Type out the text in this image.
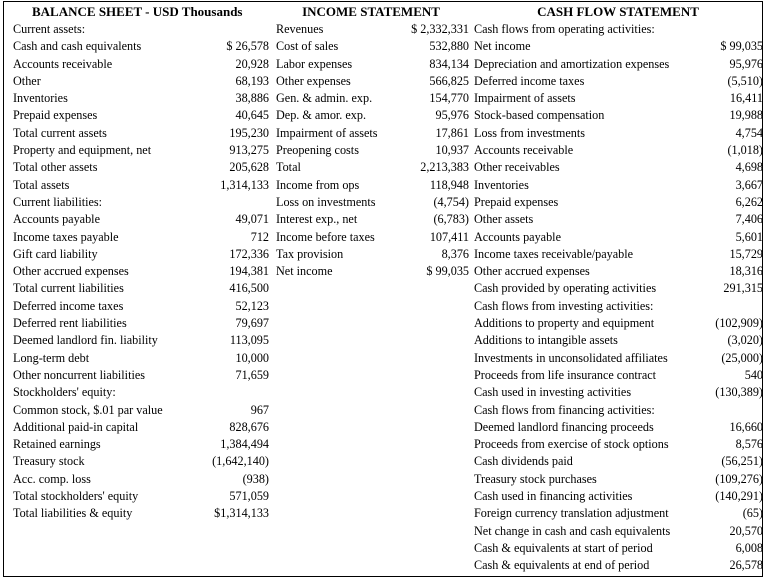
BALANCE SHEET - USD Thousands
Current assets:
Cash and cash equivalents	$ 26,578
Accounts receivable	20,928
Other	68,193
Inventories	38,886
Prepaid expenses	40,645
Total current assets	195,230
Property and equipment, net	913,275
Total other assets	205,628
Total assets	1,314,133
Current liabilities:
Accounts payable	49,071
Income taxes payable	712
Gift card liability	172,336
Other accrued expenses	194,381
Total current liabilities	416,500
Deferred income taxes	52,123
Deferred rent liabilities	79,697
Deemed landlord fin. liability	113,095
Long-term debt	10,000
Other noncurrent liabilities	71,659
Stockholders' equity:
Common stock, $.01 par value	967
Additional paid-in capital	828,676
Retained earnings	1,384,494
Treasury stock	(1,642,140)
Acc. comp. loss	(938)
Total stockholders' equity	571,059
Total liabilities & equity	$1,314,133
INCOME STATEMENT
Revenues	$ 2,332,331
Cost of sales	532,880
Labor expenses	834,134
Other expenses	566,825
Gen. & admin. exp.	154,770
Dep. & amor. exp.	95,976
Impairment of assets	17,861
Preopening costs	10,937
Total	2,213,383
Income from ops	118,948
Loss on investments	(4,754)
Interest exp., net	(6,783)
Income before taxes	107,411
Tax provision	8,376
Net income	$ 99,035
CASH FLOW STATEMENT
Cash flows from operating activities:
Net income	$ 99,035
Depreciation and amortization expenses	95,976
Deferred income taxes	(5,510)
Impairment of assets	16,411
Stock-based compensation	19,988
Loss from investments	4,754
Accounts receivable	(1,018)
Other receivables	4,698
Inventories	3,667
Prepaid expenses	6,262
Other assets	7,406
Accounts payable	5,601
Income taxes receivable/payable	15,729
Other accrued expenses	18,316
Cash provided by operating activities	291,315
Cash flows from investing activities:
Additions to property and equipment	(102,909)
Additions to intangible assets	(3,020)
Investments in unconsolidated affiliates	(25,000)
Proceeds from life insurance contract	540
Cash used in investing activities	(130,389)
Cash flows from financing activities:
Deemed landlord financing proceeds	16,660
Proceeds from exercise of stock options	8,576
Cash dividends paid	(56,251)
Treasury stock purchases	(109,276)
Cash used in financing activities	(140,291)
Foreign currency translation adjustment	(65)
Net change in cash and cash equivalents	20,570
Cash & equivalents at start of period	6,008
Cash & equivalents at end of period	26,578
